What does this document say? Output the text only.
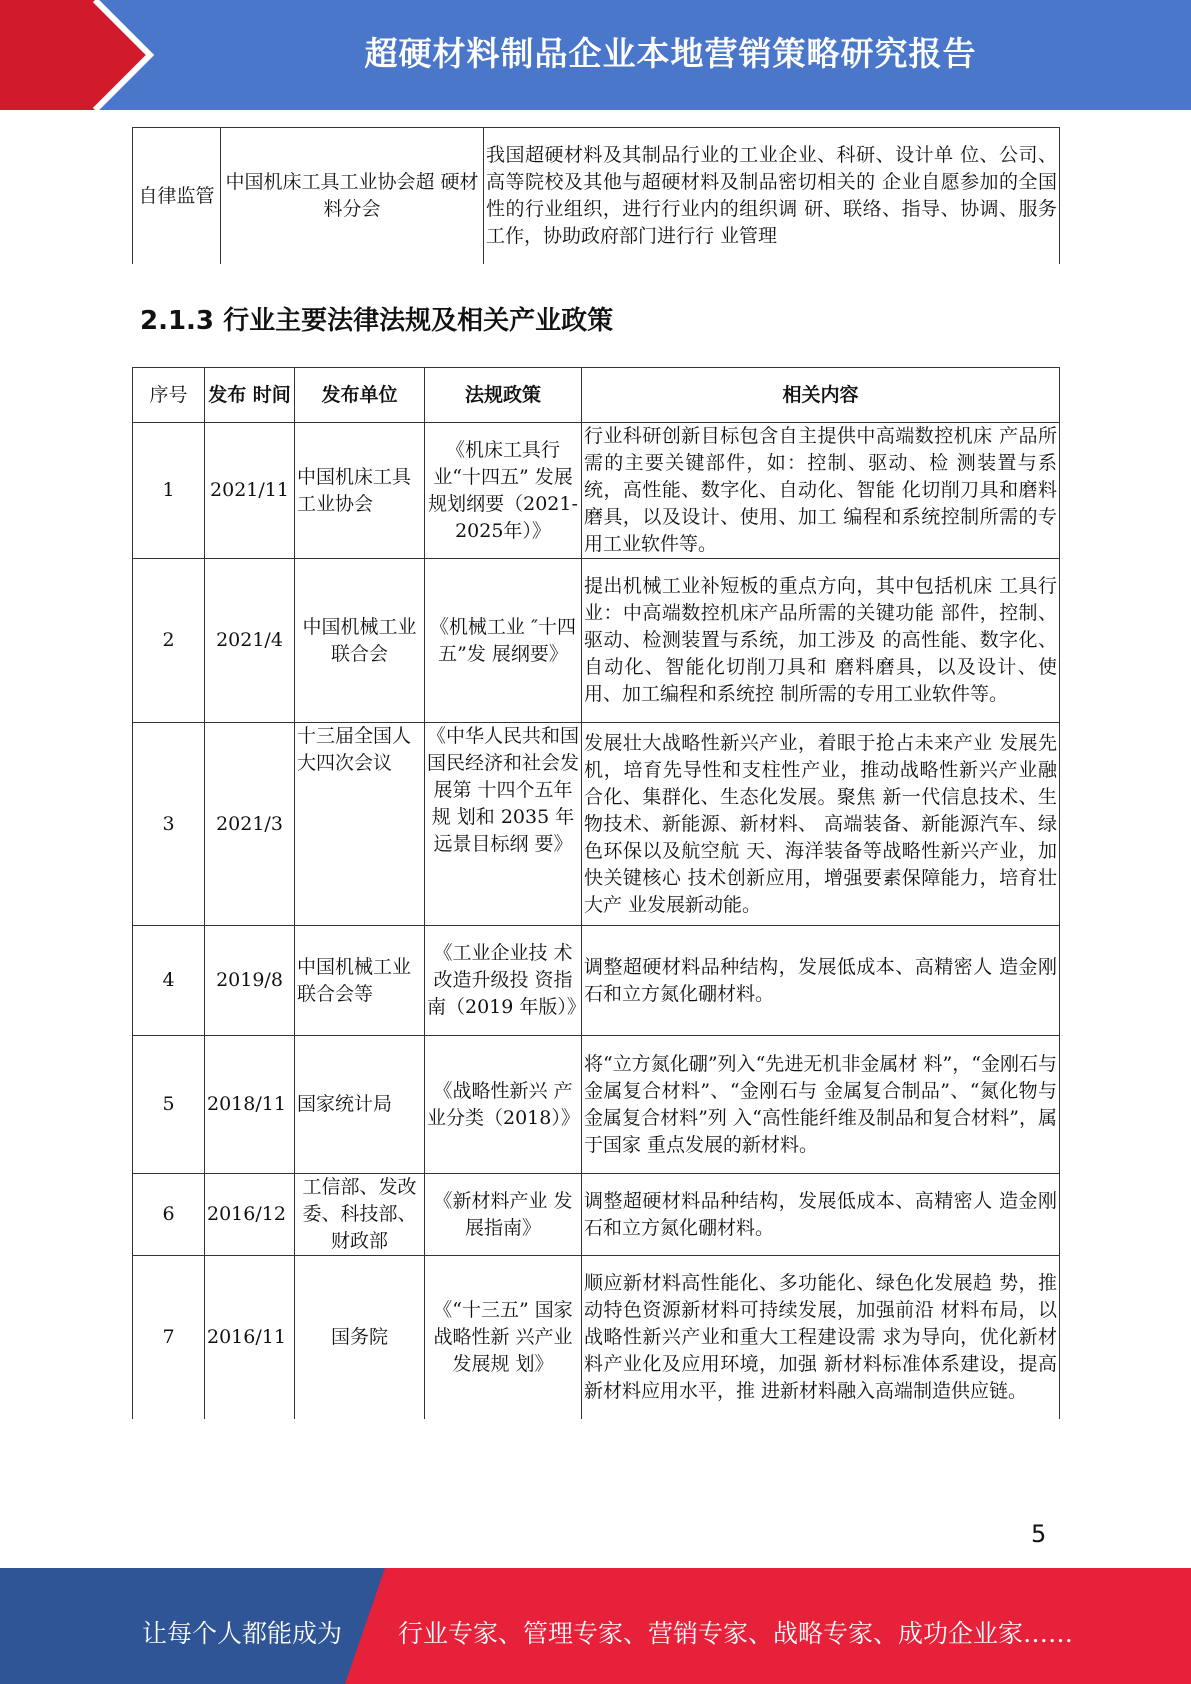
超硬材料制品企业本地营销策略研究报告
自律监管	中国机床工具工业协会超 硬材料分会	我国超硬材料及其制品行业的工业企业、科研、设计单 位、公司、高等院校及其他与超硬材料及制品密切相关的 企业自愿参加的全国性的行业组织，进行行业内的组织调 研、联络、指导、协调、服务工作，协助政府部门进行行 业管理
2.1.3 行业主要法律法规及相关产业政策
序号	发布 时间	发布单位	法规政策	相关内容
1	2021/11	中国机床工具工业协会	《机床工具行 业“十四五” 发展规划纲要（2021-2025年）》	行业科研创新目标包含自主提供中高端数控机床 产品所需的主要关键部件，如：控制、驱动、检 测装置与系统，高性能、数字化、自动化、智能 化切削刀具和磨料磨具，以及设计、使用、加工 编程和系统控制所需的专用工业软件等。
2	2021/4	中国机械工业联合会	《机械工业 ″十四五”发 展纲要》	提出机械工业补短板的重点方向，其中包括机床 工具行业：中高端数控机床产品所需的关键功能 部件，控制、驱动、检测装置与系统，加工涉及 的高性能、数字化、自动化、智能化切削刀具和 磨料磨具，以及设计、使用、加工编程和系统控 制所需的专用工业软件等。
3	2021/3	十三届全国人大四次会议	《中华人民共和国国民经济和社会发展第 十四个五年规 划和 2035 年 远景目标纲 要》	发展壮大战略性新兴产业，着眼于抢占未来产业 发展先机，培育先导性和支柱性产业，推动战略性新兴产业融合化、集群化、生态化发展。聚焦 新一代信息技术、生物技术、新能源、新材料、 高端装备、新能源汽车、绿色环保以及航空航 天、海洋装备等战略性新兴产业，加快关键核心 技术创新应用，增强要素保障能力，培育壮大产 业发展新动能。
4	2019/8	中国机械工业联合会等	《工业企业技 术改造升级投 资指南（2019 年版）》	调整超硬材料品种结构，发展低成本、高精密人 造金刚石和立方氮化硼材料。
5	2018/11	国家统计局	《战略性新兴 产业分类（2018）》	将“立方氮化硼”列入“先进无机非金属材 料”，“金刚石与金属复合材料”、“金刚石与 金属复合制品”、“氮化物与金属复合材料”列 入“高性能纤维及制品和复合材料”，属于国家 重点发展的新材料。
6	2016/12	工信部、发改委、科技部、财政部	《新材料产业 发展指南》	调整超硬材料品种结构，发展低成本、高精密人 造金刚石和立方氮化硼材料。
7	2016/11	国务院	《“十三五” 国家战略性新 兴产业发展规 划》	顺应新材料高性能化、多功能化、绿色化发展趋 势，推动特色资源新材料可持续发展，加强前沿 材料布局，以战略性新兴产业和重大工程建设需 求为导向，优化新材料产业化及应用环境，加强 新材料标准体系建设，提高新材料应用水平，推 进新材料融入高端制造供应链。
5
让每个人都能成为 行业专家、管理专家、营销专家、战略专家、成功企业家……
